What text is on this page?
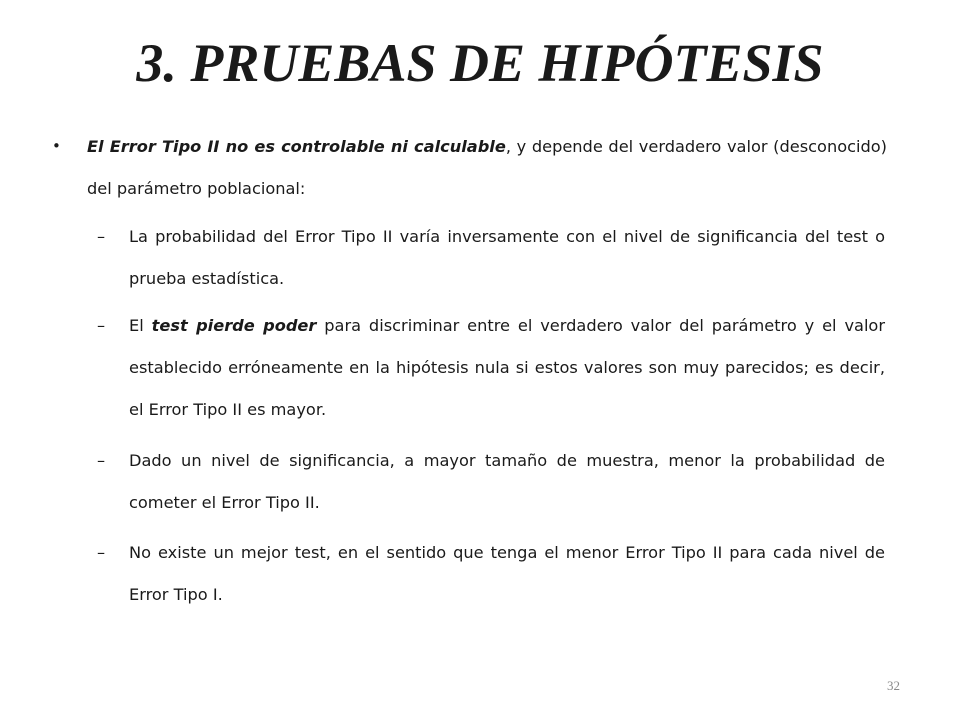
3. PRUEBAS DE HIPÓTESIS
• El Error Tipo II no es controlable ni calculable, y depende del verdadero valor (desconocido) del parámetro poblacional:
– La probabilidad del Error Tipo II varía inversamente con el nivel de significancia del test o prueba estadística.
– El test pierde poder para discriminar entre el verdadero valor del parámetro y el valor establecido erróneamente en la hipótesis nula si estos valores son muy parecidos; es decir, el Error Tipo II es mayor.
– Dado un nivel de significancia, a mayor tamaño de muestra, menor la probabilidad de cometer el Error Tipo II.
– No existe un mejor test, en el sentido que tenga el menor Error Tipo II para cada nivel de Error Tipo I.
32
